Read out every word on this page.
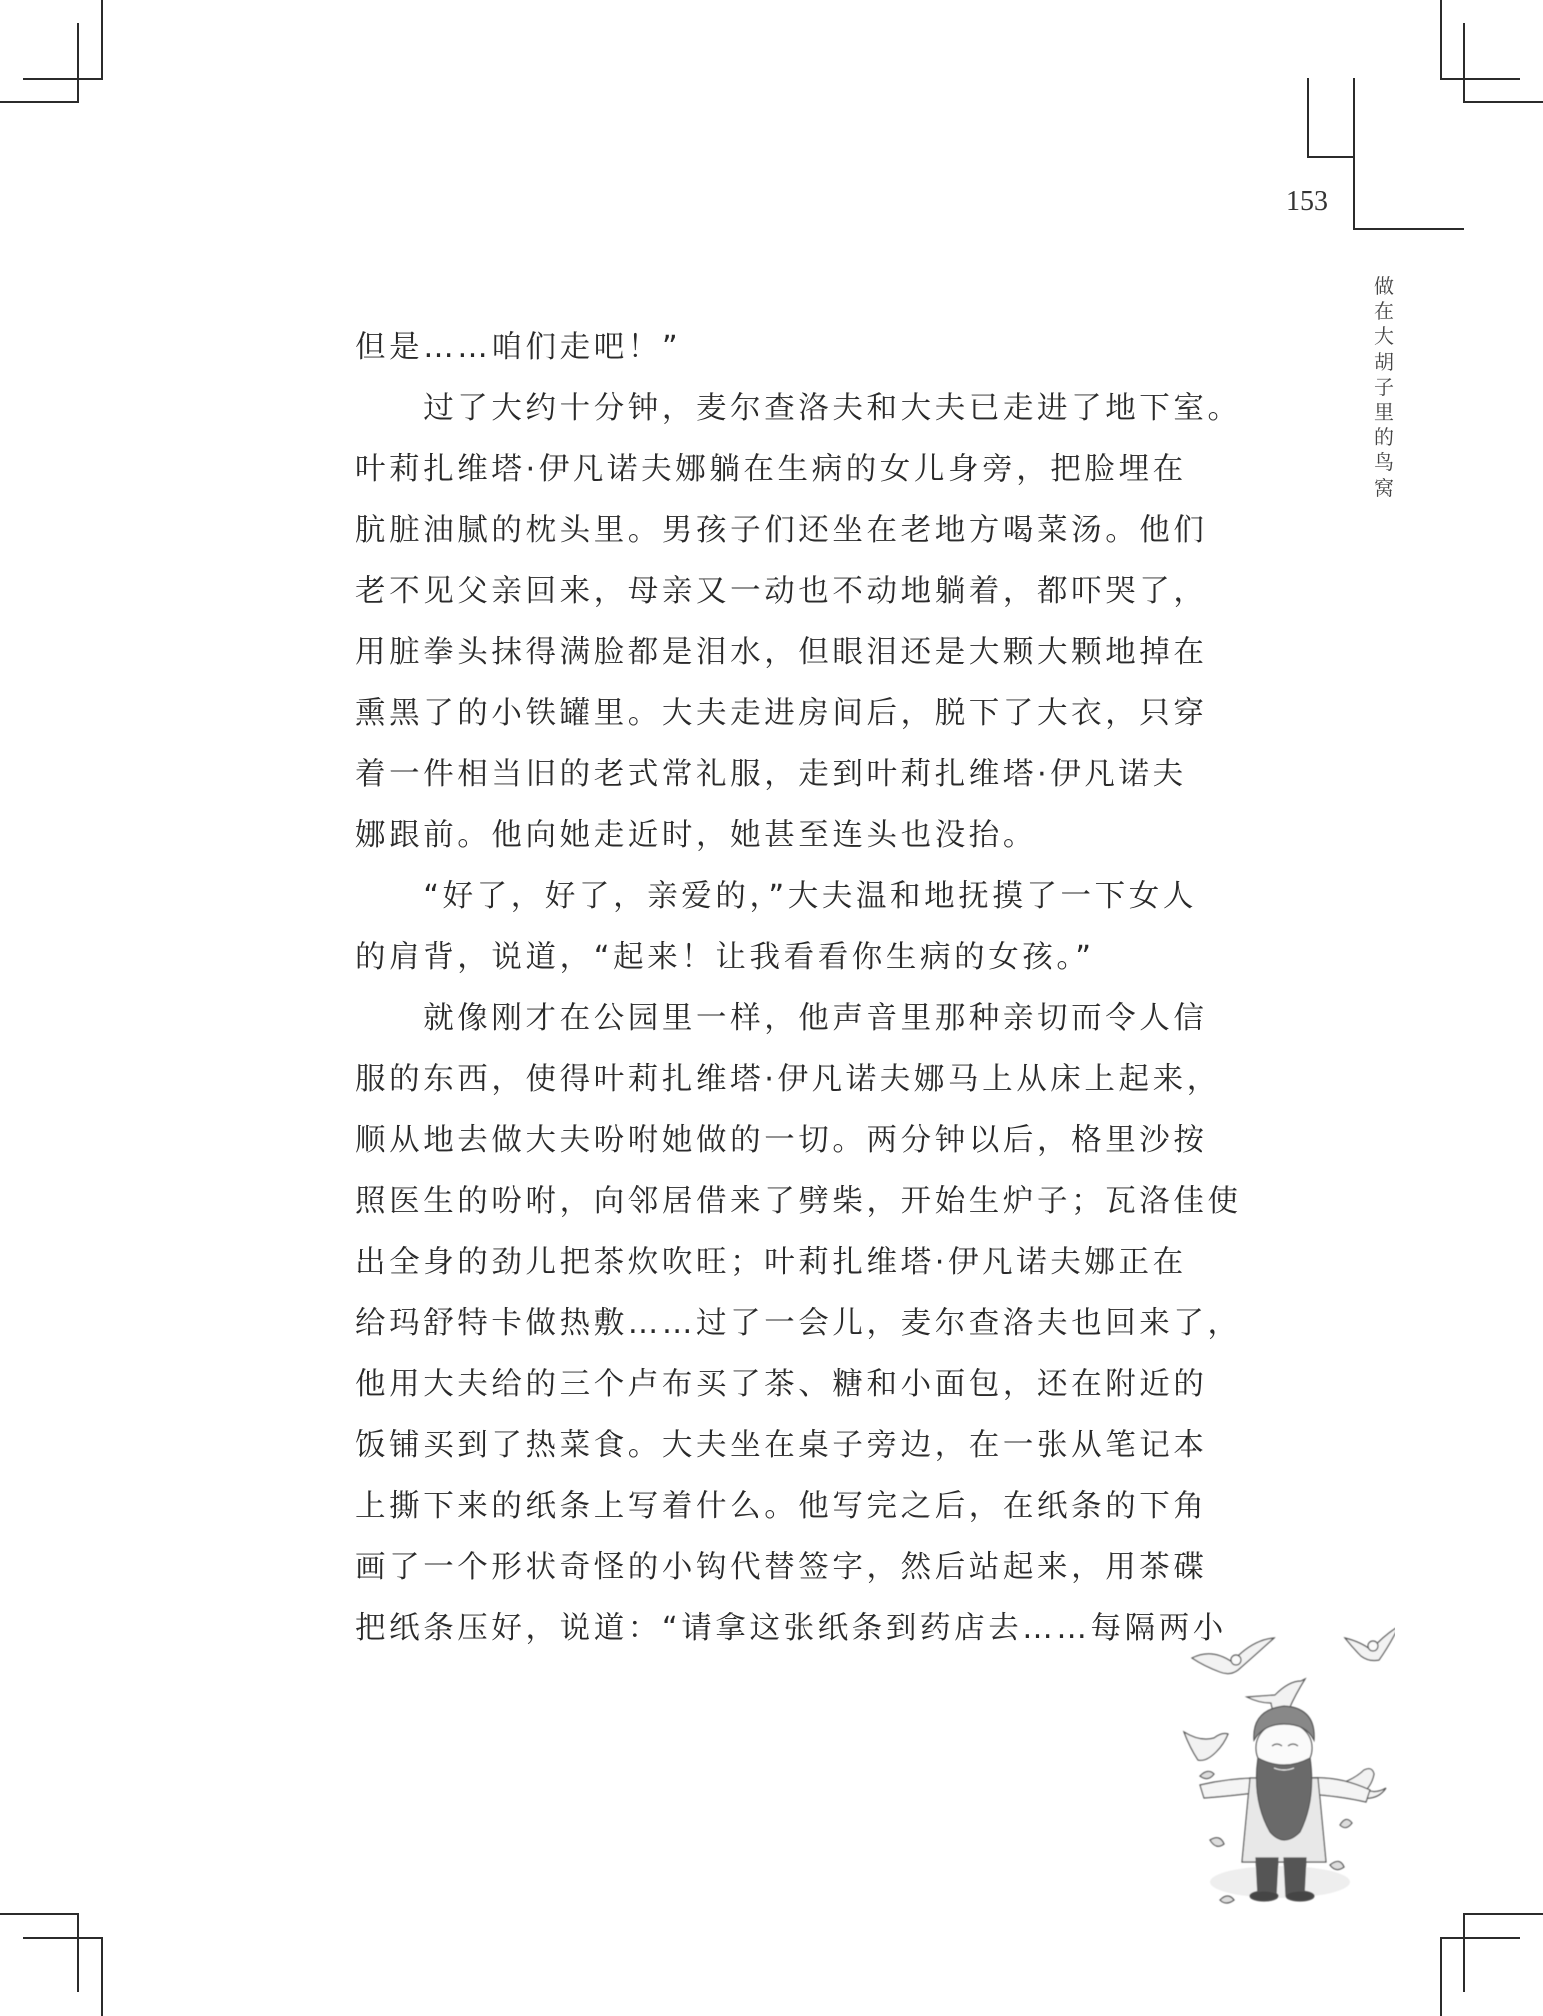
153
做
在
大
胡
子
里
的
鸟
窝
但是……咱们走吧！”
　　过了大约十分钟，麦尔查洛夫和大夫已走进了地下室。
叶莉扎维塔·伊凡诺夫娜躺在生病的女儿身旁，把脸埋在
肮脏油腻的枕头里。男孩子们还坐在老地方喝菜汤。他们
老不见父亲回来，母亲又一动也不动地躺着，都吓哭了，
用脏拳头抹得满脸都是泪水，但眼泪还是大颗大颗地掉在
熏黑了的小铁罐里。大夫走进房间后，脱下了大衣，只穿
着一件相当旧的老式常礼服，走到叶莉扎维塔·伊凡诺夫
娜跟前。他向她走近时，她甚至连头也没抬。
　　“好了，好了，亲爱的，”大夫温和地抚摸了一下女人
的肩背，说道，“起来！让我看看你生病的女孩。”
　　就像刚才在公园里一样，他声音里那种亲切而令人信
服的东西，使得叶莉扎维塔·伊凡诺夫娜马上从床上起来，
顺从地去做大夫吩咐她做的一切。两分钟以后，格里沙按
照医生的吩咐，向邻居借来了劈柴，开始生炉子；瓦洛佳使
出全身的劲儿把茶炊吹旺；叶莉扎维塔·伊凡诺夫娜正在
给玛舒特卡做热敷……过了一会儿，麦尔查洛夫也回来了，
他用大夫给的三个卢布买了茶、糖和小面包，还在附近的
饭铺买到了热菜食。大夫坐在桌子旁边，在一张从笔记本
上撕下来的纸条上写着什么。他写完之后，在纸条的下角
画了一个形状奇怪的小钩代替签字，然后站起来，用茶碟
把纸条压好，说道：“请拿这张纸条到药店去……每隔两小
